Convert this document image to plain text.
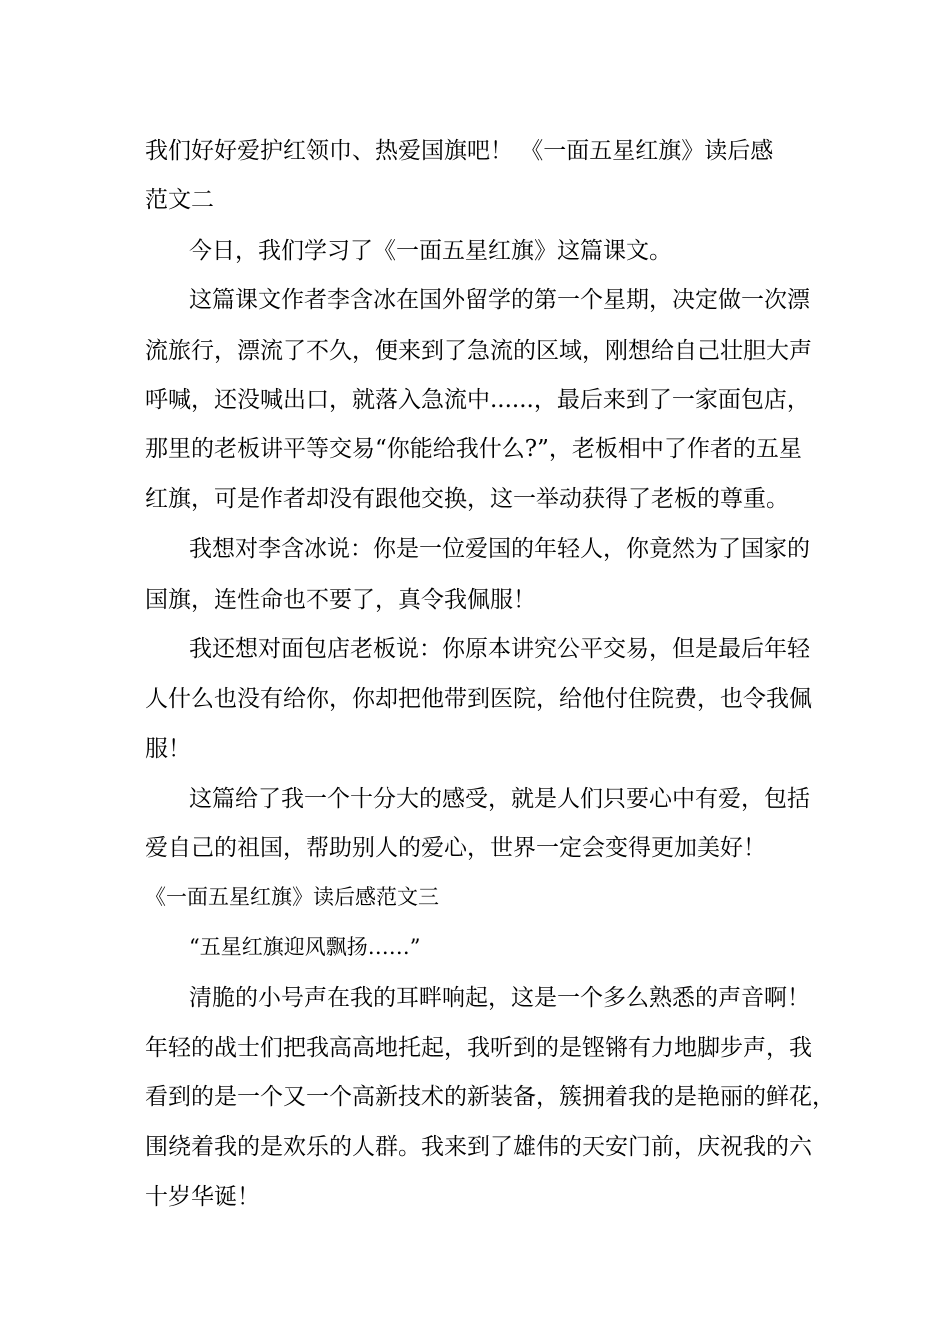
我们好好爱护红领巾、热爱国旗吧！ 《一面五星红旗》读后感
范文二
今日，我们学习了《一面五星红旗》这篇课文。
这篇课文作者李含冰在国外留学的第一个星期，决定做一次漂
流旅行，漂流了不久，便来到了急流的区域，刚想给自己壮胆大声
呼喊，还没喊出口，就落入急流中......，最后来到了一家面包店，
那里的老板讲平等交易“你能给我什么?”，老板相中了作者的五星
红旗，可是作者却没有跟他交换，这一举动获得了老板的尊重。
我想对李含冰说：你是一位爱国的年轻人，你竟然为了国家的
国旗，连性命也不要了，真令我佩服！
我还想对面包店老板说：你原本讲究公平交易，但是最后年轻
人什么也没有给你，你却把他带到医院，给他付住院费，也令我佩
服！
这篇给了我一个十分大的感受，就是人们只要心中有爱，包括
爱自己的祖国，帮助别人的爱心，世界一定会变得更加美好！
《一面五星红旗》读后感范文三
“五星红旗迎风飘扬……”
清脆的小号声在我的耳畔响起，这是一个多么熟悉的声音啊！
年轻的战士们把我高高地托起，我听到的是铿锵有力地脚步声，我
看到的是一个又一个高新技术的新装备，簇拥着我的是艳丽的鲜花，
围绕着我的是欢乐的人群。我来到了雄伟的天安门前，庆祝我的六
十岁华诞！
